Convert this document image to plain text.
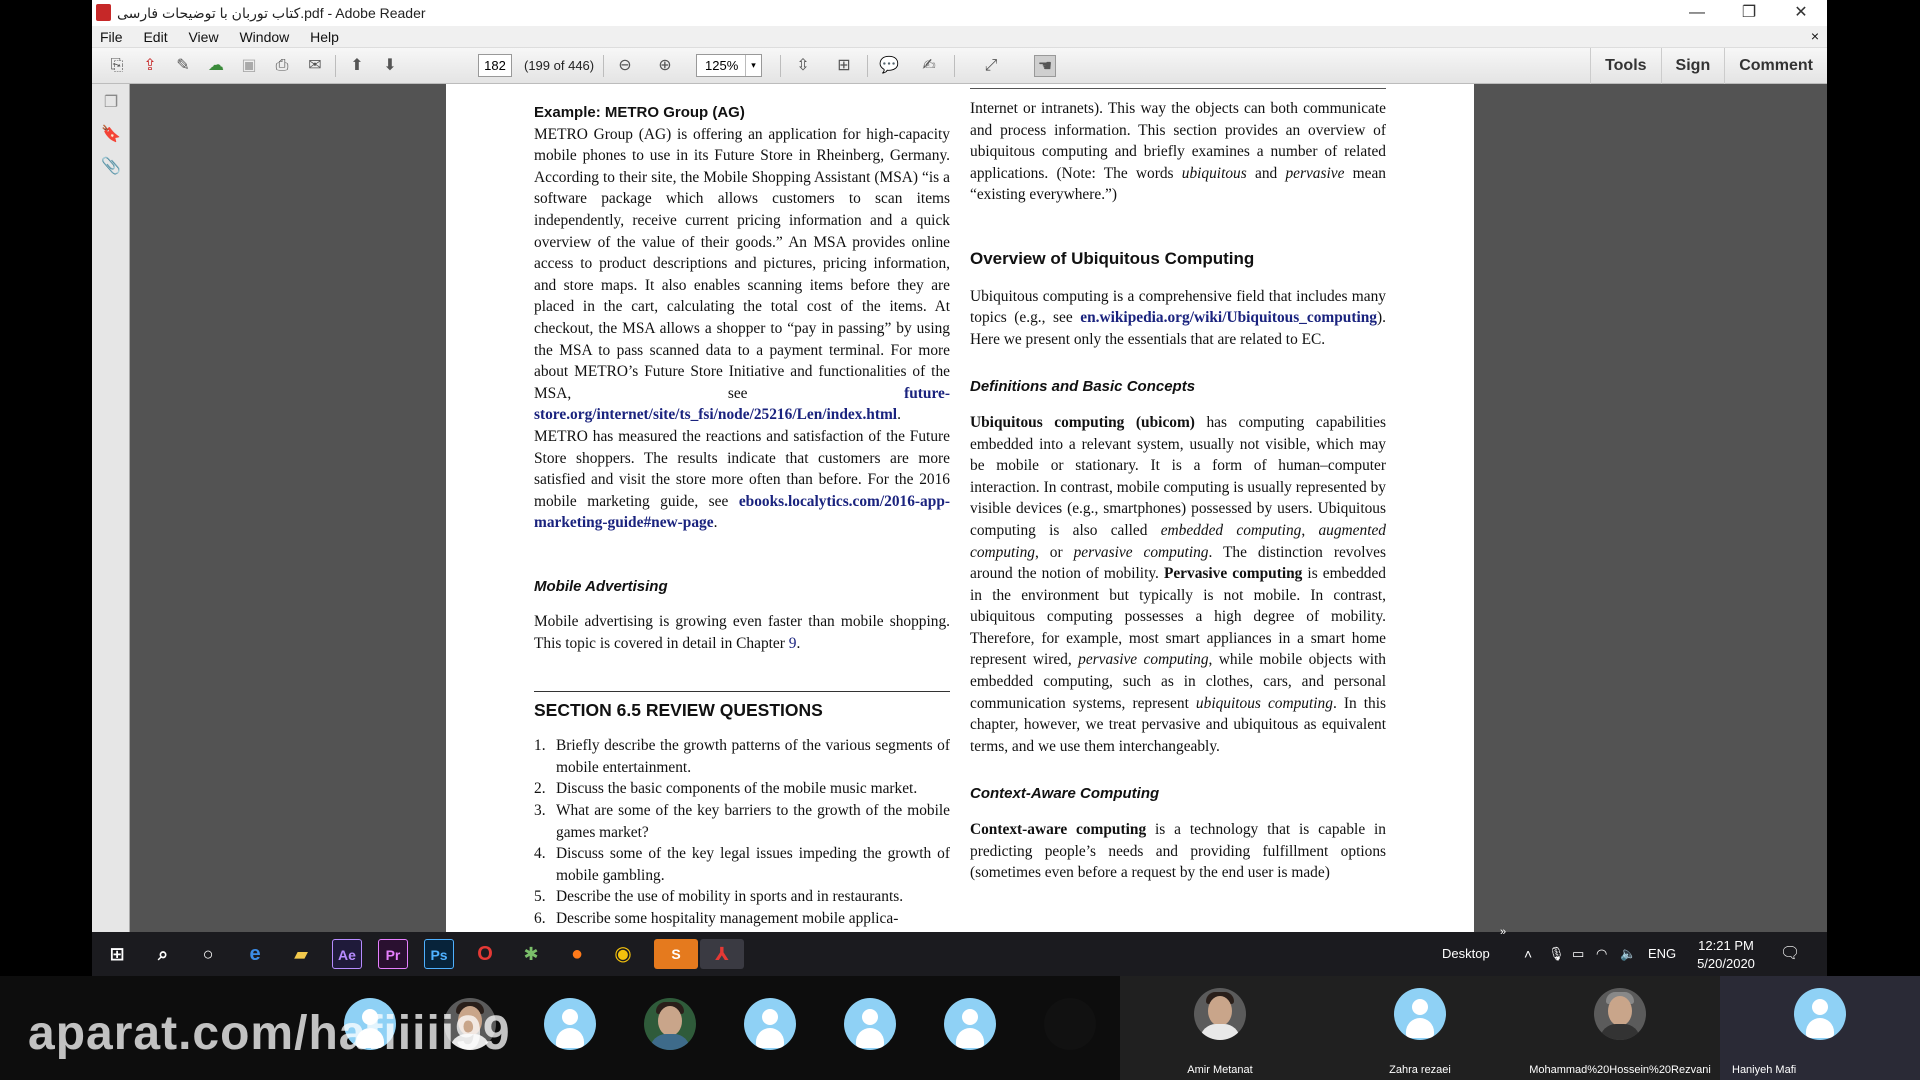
کتاب توربان با توضیحات فارسی.pdf - Adobe Reader	—	❐	✕
File Edit View Window Help	×
⎘ ⇪ ✎ ☁ ▣ ⎙ ✉ ⬆ ⬇	182	(199 of 446) ⊖ ⊕	125%	▾	⇳ ⊞ 💬 ✍	⤢	☚	Tools Sign Comment
❐
🔖
📎
Example: METRO Group (AG)

METRO Group (AG) is offering an application for high-capacity mobile phones to use in its Future Store in Rheinberg, Germany. According to their site, the Mobile Shopping Assistant (MSA) “is a software package which allows customers to scan items independently, receive current pricing information and a quick overview of the value of their goods.” An MSA provides online access to product descriptions and pictures, pricing information, and store maps. It also enables scanning items before they are placed in the cart, calculating the total cost of the items. At checkout, the MSA allows a shopper to “pay in passing” by using the MSA to pass scanned data to a payment terminal. For more about METRO’s Future Store Initiative and functionalities of the MSA, see future-store.org/internet/site/ts_fsi/node/25216/Len/index.html. METRO has measured the reactions and satisfaction of the Future Store shoppers. The results indicate that customers are more satisfied and visit the store more often than before. For the 2016 mobile marketing guide, see ebooks.localytics.com/2016-app-marketing-guide#new-page.

Mobile Advertising

Mobile advertising is growing even faster than mobile shopping. This topic is covered in detail in Chapter 9.

SECTION 6.5 REVIEW QUESTIONS
1. Briefly describe the growth patterns of the various segments of mobile entertainment.
2. Discuss the basic components of the mobile music market.
3. What are some of the key barriers to the growth of the mobile games market?
4. Discuss some of the key legal issues impeding the growth of mobile gambling.
5. Describe the use of mobility in sports and in restaurants.
6. Describe some hospitality management mobile applica-

Internet or intranets). This way the objects can both communicate and process information. This section provides an overview of ubiquitous computing and briefly examines a number of related applications. (Note: The words ubiquitous and pervasive mean “existing everywhere.”)

Overview of Ubiquitous Computing

Ubiquitous computing is a comprehensive field that includes many topics (e.g., see en.wikipedia.org/wiki/Ubiquitous_computing). Here we present only the essentials that are related to EC.

Definitions and Basic Concepts

Ubiquitous computing (ubicom) has computing capabilities embedded into a relevant system, usually not visible, which may be mobile or stationary. It is a form of human–computer interaction. In contrast, mobile computing is usually represented by visible devices (e.g., smartphones) possessed by users. Ubiquitous computing is also called embedded computing, augmented computing, or pervasive computing. The distinction revolves around the notion of mobility. Pervasive computing is embedded in the environment but typically is not mobile. In contrast, ubiquitous computing possesses a high degree of mobility. Therefore, for example, most smart appliances in a smart home represent wired, pervasive computing, while mobile objects with embedded computing, such as in clothes, cars, and personal communication systems, represent ubiquitous computing. In this chapter, however, we treat pervasive and ubiquitous as equivalent terms, and we use them interchangeably.

Context-Aware Computing

Context-aware computing is a technology that is capable in predicting people’s needs and providing fulfillment options (sometimes even before a request by the end user is made)

⊞	⌕	○	e	▰	Ae	Pr	Ps	O	✱	●	◉	S	⅄	Desktop
»
˄ 🎙 ▭ ◠ 🔈 ENG
12:21 PM
5/20/2020
🗨
Amir Metanat	Zahra rezaei	Mohammad%20Hossein%20Rezvani	Haniyeh Mafi
aparat.com/hafiiiii99
